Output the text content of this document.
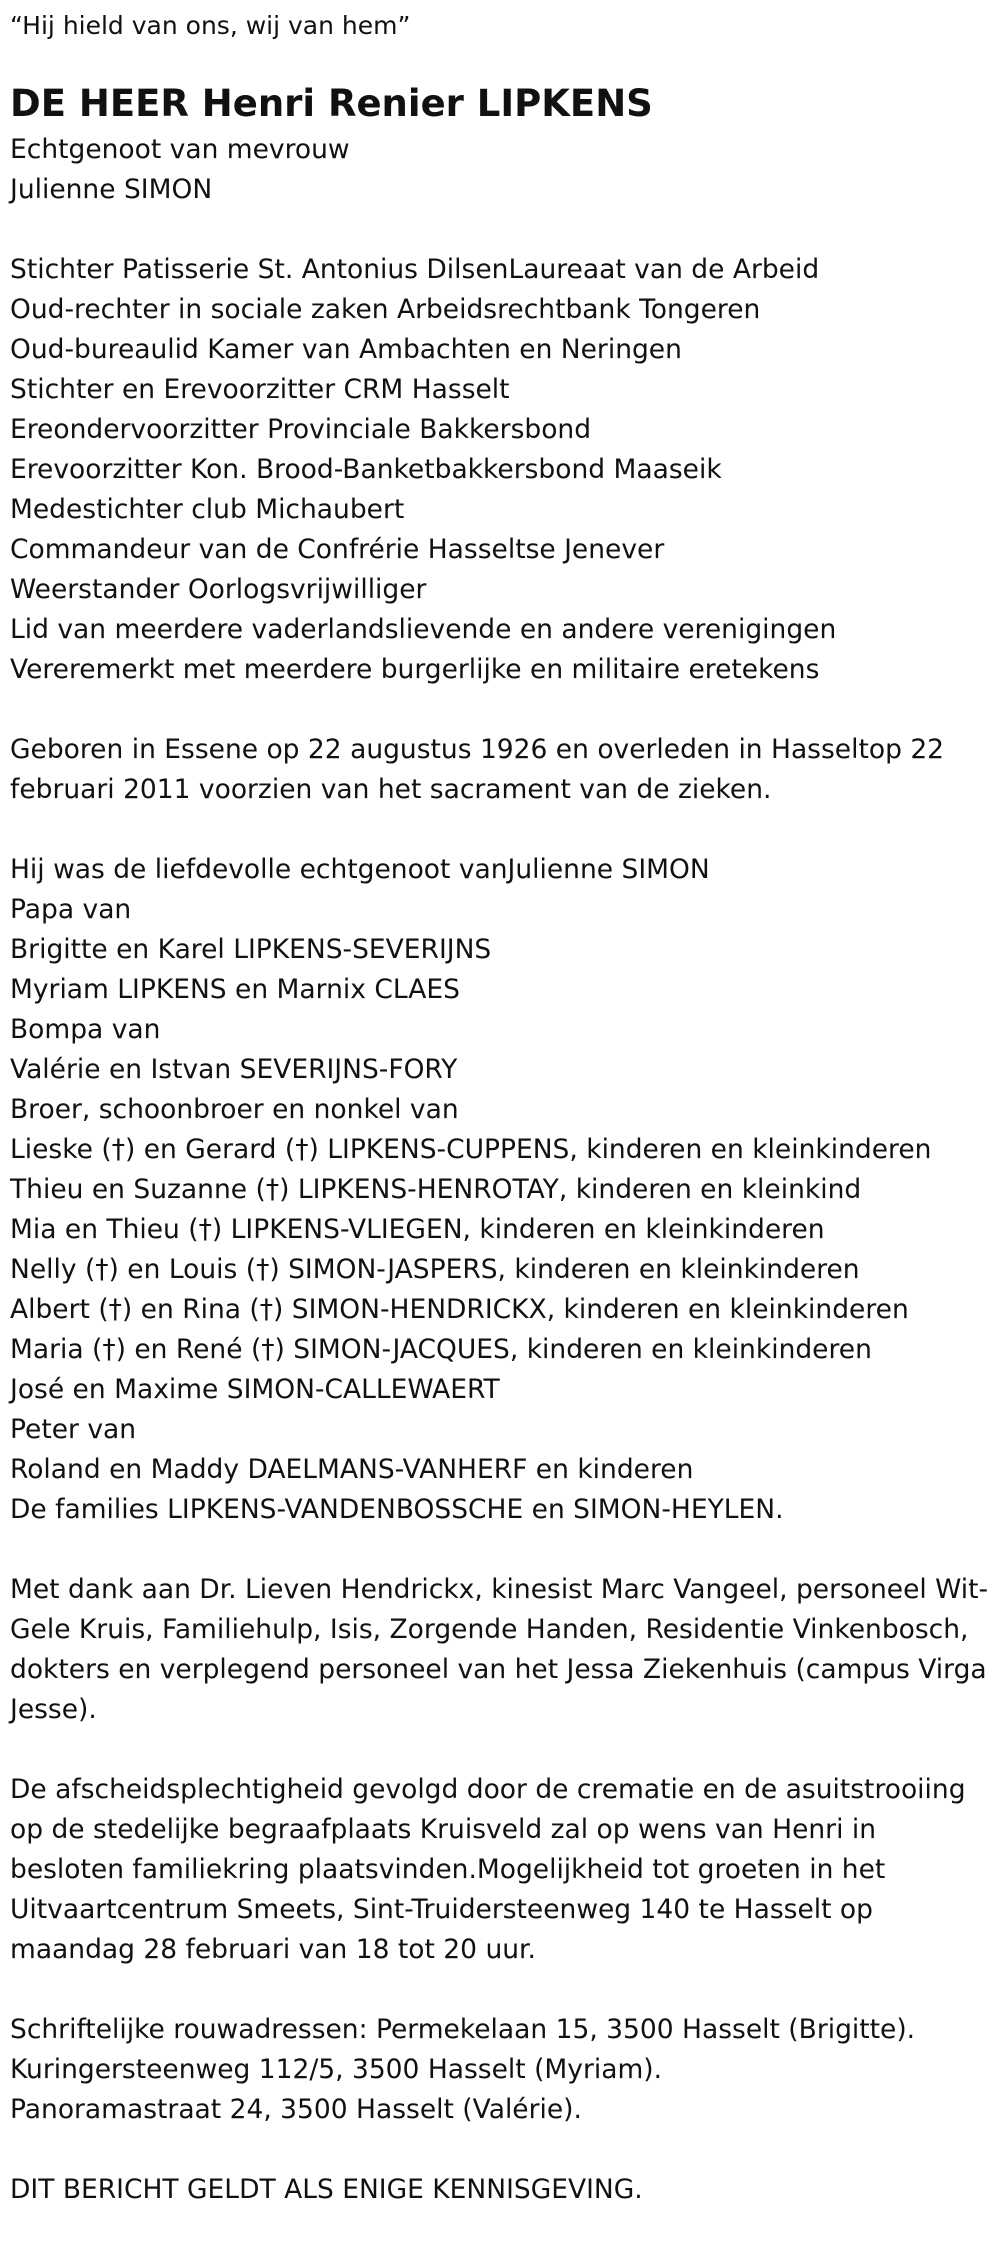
“Hij hield van ons, wij van hem”

DE HEER Henri Renier LIPKENS

Echtgenoot van mevrouw

Julienne SIMON

Stichter Patisserie St. Antonius DilsenLaureaat van de Arbeid

Oud-rechter in sociale zaken Arbeidsrechtbank Tongeren

Oud-bureaulid Kamer van Ambachten en Neringen

Stichter en Erevoorzitter CRM Hasselt

Ereondervoorzitter Provinciale Bakkersbond

Erevoorzitter Kon. Brood-Banketbakkersbond Maaseik

Medestichter club Michaubert

Commandeur van de Confrérie Hasseltse Jenever

Weerstander Oorlogsvrijwilliger

Lid van meerdere vaderlandslievende en andere verenigingen

Vereremerkt met meerdere burgerlijke en militaire eretekens

Geboren in Essene op 22 augustus 1926 en overleden in Hasseltop 22 februari 2011 voorzien van het sacrament van de zieken.

Hij was de liefdevolle echtgenoot vanJulienne SIMON

Papa van

Brigitte en Karel LIPKENS-SEVERIJNS

Myriam LIPKENS en Marnix CLAES

Bompa van

Valérie en Istvan SEVERIJNS-FORY

Broer, schoonbroer en nonkel van

Lieske (†) en Gerard (†) LIPKENS-CUPPENS, kinderen en kleinkinderen

Thieu en Suzanne (†) LIPKENS-HENROTAY, kinderen en kleinkind

Mia en Thieu (†) LIPKENS-VLIEGEN, kinderen en kleinkinderen

Nelly (†) en Louis (†) SIMON-JASPERS, kinderen en kleinkinderen

Albert (†) en Rina (†) SIMON-HENDRICKX, kinderen en kleinkinderen

Maria (†) en René (†) SIMON-JACQUES, kinderen en kleinkinderen

José en Maxime SIMON-CALLEWAERT

Peter van

Roland en Maddy DAELMANS-VANHERF en kinderen

De families LIPKENS-VANDENBOSSCHE en SIMON-HEYLEN.

Met dank aan Dr. Lieven Hendrickx, kinesist Marc Vangeel, personeel Wit-Gele Kruis, Familiehulp, Isis, Zorgende Handen, Residentie Vinkenbosch, dokters en verplegend personeel van het Jessa Ziekenhuis (campus Virga Jesse).

De afscheidsplechtigheid gevolgd door de crematie en de asuitstrooiing op de stedelijke begraafplaats Kruisveld zal op wens van Henri in besloten familiekring plaatsvinden.Mogelijkheid tot groeten in het Uitvaartcentrum Smeets, Sint-Truidersteenweg 140 te Hasselt op maandag 28 februari van 18 tot 20 uur.

Schriftelijke rouwadressen: Permekelaan 15, 3500 Hasselt (Brigitte).

Kuringersteenweg 112/5, 3500 Hasselt (Myriam).

Panoramastraat 24, 3500 Hasselt (Valérie).

DIT BERICHT GELDT ALS ENIGE KENNISGEVING.
